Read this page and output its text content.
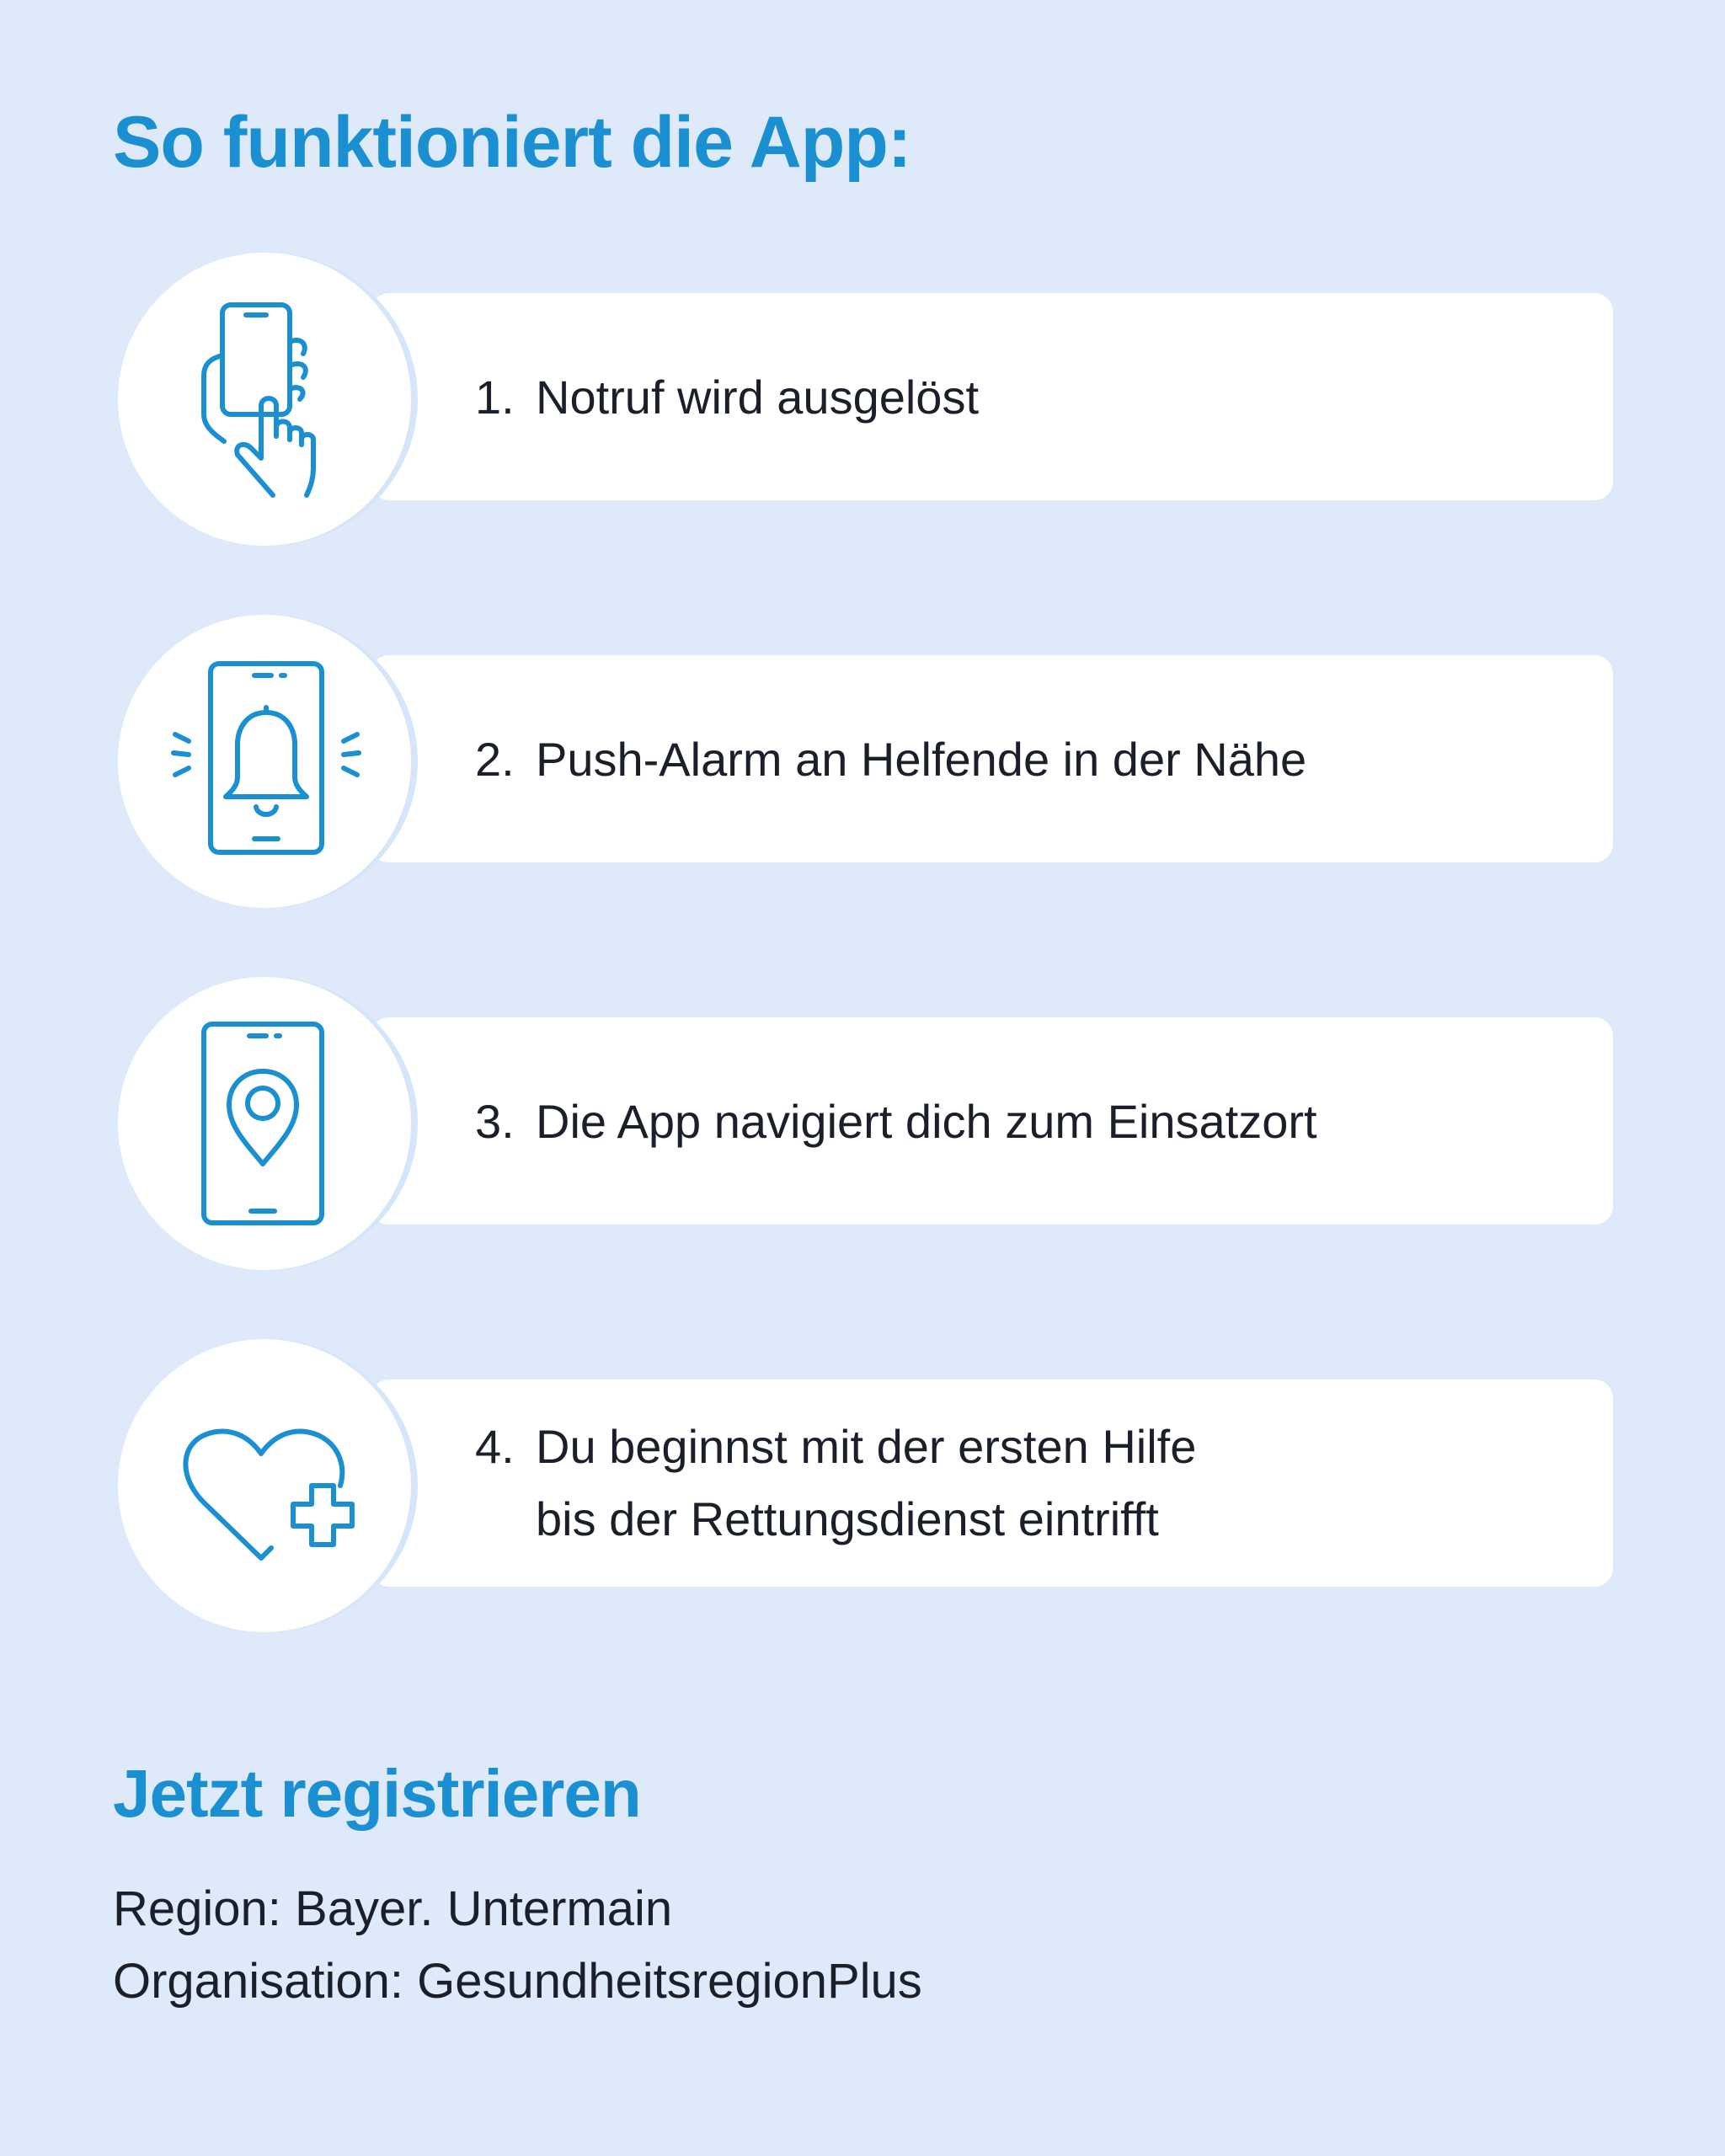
So funktioniert die App:
1. Notruf wird ausgelöst
2. Push-Alarm an Helfende in der Nähe
3. Die App navigiert dich zum Einsatzort
4. Du beginnst mit der ersten Hilfe
bis der Rettungsdienst eintrifft
Jetzt registrieren
Region: Bayer. Untermain
Organisation: GesundheitsregionPlus
